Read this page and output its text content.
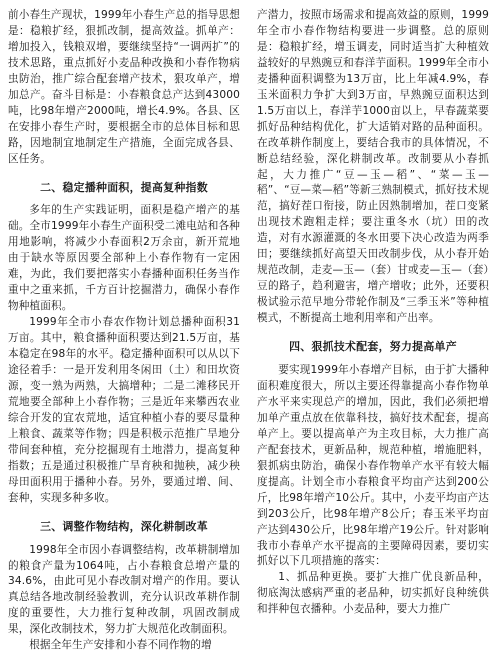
前小春生产现状，1999年小春生产总的指导思想是：稳粮扩经，狠抓改制，提高效益。抓单产：增加投入，钱粮双增，要继续坚持“一调两扩”的技术思路，重点抓好小麦品种改换和小春作物病虫防治，推广综合配套增产技术，狠攻单产，增加总产。奋斗目标是：小春粮食总产达到43000吨，比98年增产2000吨，增长4.9%。各县、区在安排小春生产时，要根据全市的总体目标和思路，因地制宜地制定生产措施，全面完成各县、区任务。

二、稳定播种面积，提高复种指数

多年的生产实践证明，面积是稳产增产的基础。全市1999年小春生产面积受二滩电站和各种用地影响，将减少小春面积2万余亩，新开荒地由于缺水等原因要全部种上小春作物有一定困难，为此，我们要把落实小春播种面积任务当作重中之重来抓，千方百计挖掘潜力，确保小春作物种植面积。

1999年全市小春农作物计划总播种面积31万亩。其中，粮食播种面积要达到21.5万亩，基本稳定在98年的水平。稳定播种面积可以从以下途径着手：一是开发利用冬闲田（土）和田坎资源，变一熟为两熟，大搞增种；二是二滩移民开荒地要全部种上小春作物；三是近年来攀西农业综合开发的宜农荒地，适宜种植小春的要尽量种上粮食、蔬菜等作物；四是积极示范推广旱地分带间套种植，充分挖掘现有土地潜力，提高复种指数；五是通过积极推广旱育秧和抛秧，减少秧母田面积用于播种小春。另外，要通过增、间、套种，实现多种多收。

三、调整作物结构，深化耕制改革

1998年全市因小春调整结构，改革耕制增加的粮食产量为1064吨，占小春粮食总增产量的34.6%，由此可见小春改制对增产的作用。要认真总结各地改制经验教训，充分认识改革耕作制度的重要性，大力推行复种改制，巩固改制成果，深化改制技术，努力扩大规范化改制面积。

根据全年生产安排和小春不同作物的增

产潜力，按照市场需求和提高效益的原则，1999年全市小春作物结构要进一步调整。总的原则是：稳粮扩经，增玉调麦，同时适当扩大种植效益较好的早熟豌豆和春洋芋面积。1999年全市小麦播种面积调整为13万亩，比上年减4.9%，春玉米面积力争扩大到3万亩，早熟豌豆面积达到1.5万亩以上，春洋芋1000亩以上，早春蔬菜要抓好品种结构优化，扩大适销对路的品种面积。在改革耕作制度上，要结合我市的具体情况，不断总结经验，深化耕制改革。改制要从小春抓起，大力推广“豆—玉—稻”、“菜—玉—稻”、“豆—菜—稻”等新三熟制模式，抓好技术规范，搞好茬口衔接，防止因熟制增加，茬口变紧出现技术跑粗走样；要注重冬水（坑）田的改造，对有水源灌溉的冬水田要下决心改造为两季田；要继续抓好高望天田改制步伐，从小春开始规范改制，走麦—玉—（套）甘或麦—玉—（套）豆的路子，趋利避害，增产增收；此外，还要积极试验示范早地分带轮作制及“三季玉米”等种植模式，不断提高土地利用率和产出率。

四、狠抓技术配套，努力提高单产

要实现1999年小春增产目标，由于扩大播种面积难度很大，所以主要还得靠提高小春作物单产水平来实现总产的增加，因此，我们必须把增加单产重点放在依靠科技，搞好技术配套，提高单产上。要以提高单产为主攻目标，大力推广高产配套技术，更新品种，规范种植，增施肥料，狠抓病虫防治，确保小春作物单产水平有较大幅度提高。计划全市小春粮食平均亩产达到200公斤，比98年增产10公斤。其中，小麦平均亩产达到203公斤，比98年增产8公斤；春玉米平均亩产达到430公斤，比98年增产19公斤。针对影响我市小春单产水平提高的主要障碍因素，要切实抓好以下几项措施的落实：

1、抓品种更换。要扩大推广优良新品种，彻底淘汰感病严重的老品种，切实抓好良种统供和拌种包衣播种。小麦品种，要大力推广
